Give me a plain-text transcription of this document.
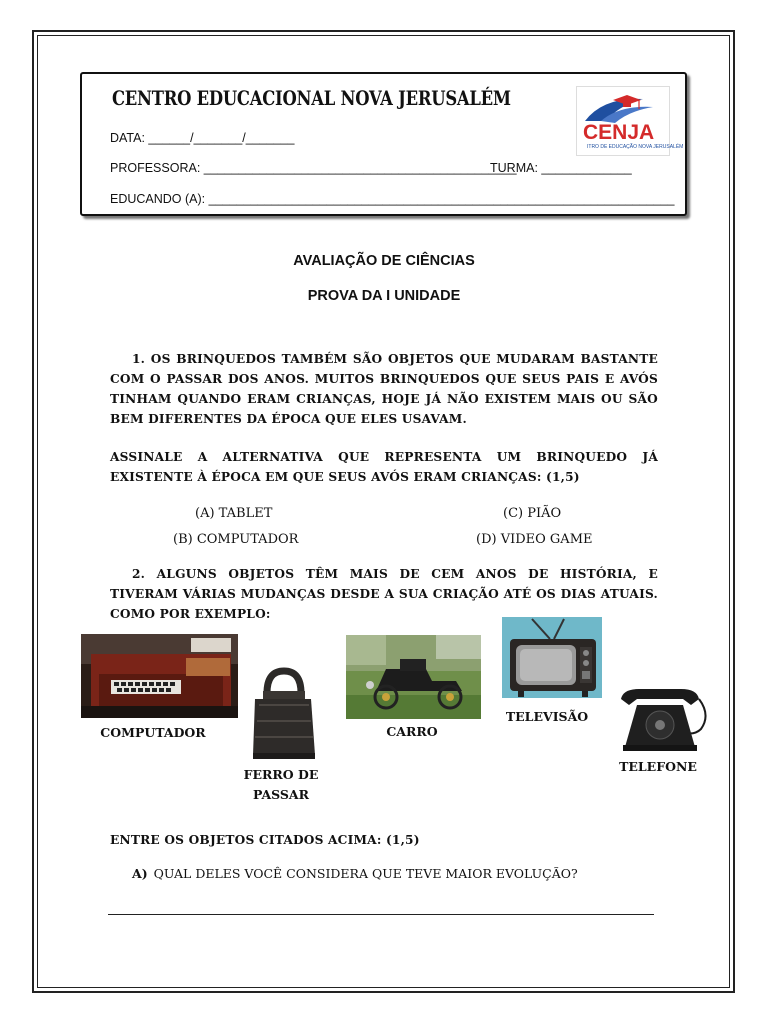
CENTRO EDUCACIONAL NOVA JERUSALÉM
DATA: ______/_______/_______
PROFESSORA: _____________________________________________
TURMA: _____________
EDUCANDO (A): ___________________________________________________________________
CENJA
ITRO DE EDUCAÇÃO NOVA JERUSALÉM
AVALIAÇÃO DE CIÊNCIAS
PROVA DA I UNIDADE

1. OS BRINQUEDOS TAMBÉM SÃO OBJETOS QUE MUDARAM BASTANTE COM O PASSAR DOS ANOS. MUITOS BRINQUEDOS QUE SEUS PAIS E AVÓS TINHAM QUANDO ERAM CRIANÇAS, HOJE JÁ NÃO EXISTEM MAIS OU SÃO BEM DIFERENTES DA ÉPOCA QUE ELES USAVAM.

ASSINALE A ALTERNATIVA QUE REPRESENTA UM BRINQUEDO JÁ EXISTENTE À ÉPOCA EM QUE SEUS AVÓS ERAM CRIANÇAS: (1,5)

(A) TABLET	(C) PIÃO
(B) COMPUTADOR	(D) VIDEO GAME

2. ALGUNS OBJETOS TÊM MAIS DE CEM ANOS DE HISTÓRIA, E TIVERAM VÁRIAS MUDANÇAS DESDE A SUA CRIAÇÃO ATÉ OS DIAS ATUAIS. COMO POR EXEMPLO:

COMPUTADOR
FERRO DE
PASSAR
CARRO
TELEVISÃO
TELEFONE

ENTRE OS OBJETOS CITADOS ACIMA: (1,5)

A) QUAL DELES VOCÊ CONSIDERA QUE TEVE MAIOR EVOLUÇÃO?
